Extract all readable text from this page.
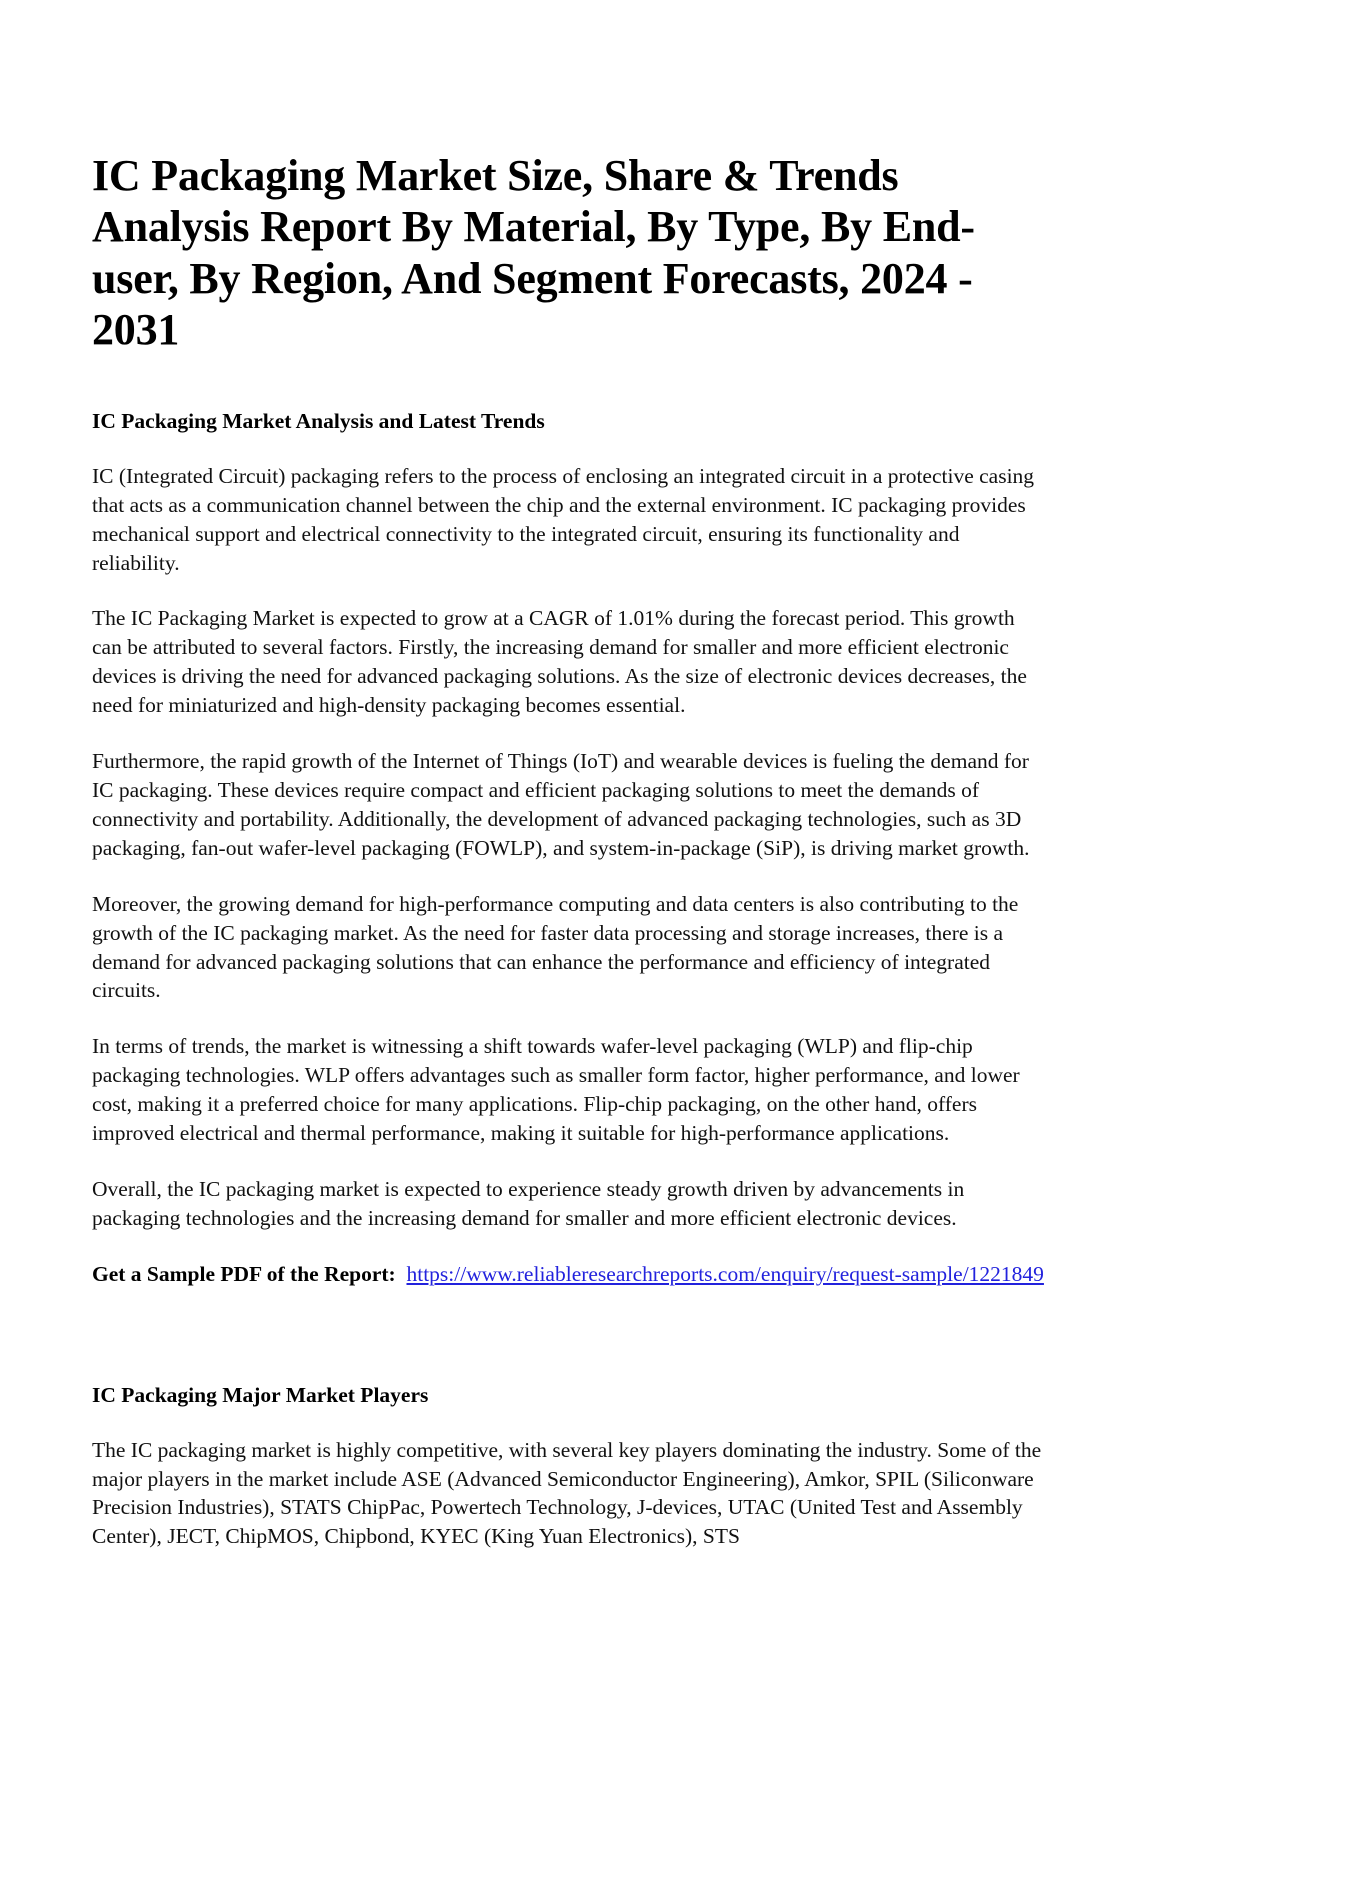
IC Packaging Market Size, Share & Trends Analysis Report By Material, By Type, By End-user, By Region, And Segment Forecasts, 2024 - 2031
IC Packaging Market Analysis and Latest Trends

IC (Integrated Circuit) packaging refers to the process of enclosing an integrated circuit in a protective casing that acts as a communication channel between the chip and the external environment. IC packaging provides mechanical support and electrical connectivity to the integrated circuit, ensuring its functionality and reliability.

The IC Packaging Market is expected to grow at a CAGR of 1.01% during the forecast period. This growth can be attributed to several factors. Firstly, the increasing demand for smaller and more efficient electronic devices is driving the need for advanced packaging solutions. As the size of electronic devices decreases, the need for miniaturized and high-density packaging becomes essential.

Furthermore, the rapid growth of the Internet of Things (IoT) and wearable devices is fueling the demand for IC packaging. These devices require compact and efficient packaging solutions to meet the demands of connectivity and portability. Additionally, the development of advanced packaging technologies, such as 3D packaging, fan-out wafer-level packaging (FOWLP), and system-in-package (SiP), is driving market growth.

Moreover, the growing demand for high-performance computing and data centers is also contributing to the growth of the IC packaging market. As the need for faster data processing and storage increases, there is a demand for advanced packaging solutions that can enhance the performance and efficiency of integrated circuits.

In terms of trends, the market is witnessing a shift towards wafer-level packaging (WLP) and flip-chip packaging technologies. WLP offers advantages such as smaller form factor, higher performance, and lower cost, making it a preferred choice for many applications. Flip-chip packaging, on the other hand, offers improved electrical and thermal performance, making it suitable for high-performance applications.

Overall, the IC packaging market is expected to experience steady growth driven by advancements in packaging technologies and the increasing demand for smaller and more efficient electronic devices.

Get a Sample PDF of the Report: https://www.reliableresearchreports.com/enquiry/request-sample/1221849

IC Packaging Major Market Players

The IC packaging market is highly competitive, with several key players dominating the industry. Some of the major players in the market include ASE (Advanced Semiconductor Engineering), Amkor, SPIL (Siliconware Precision Industries), STATS ChipPac, Powertech Technology, J-devices, UTAC (United Test and Assembly Center), JECT, ChipMOS, Chipbond, KYEC (King Yuan Electronics), STS
